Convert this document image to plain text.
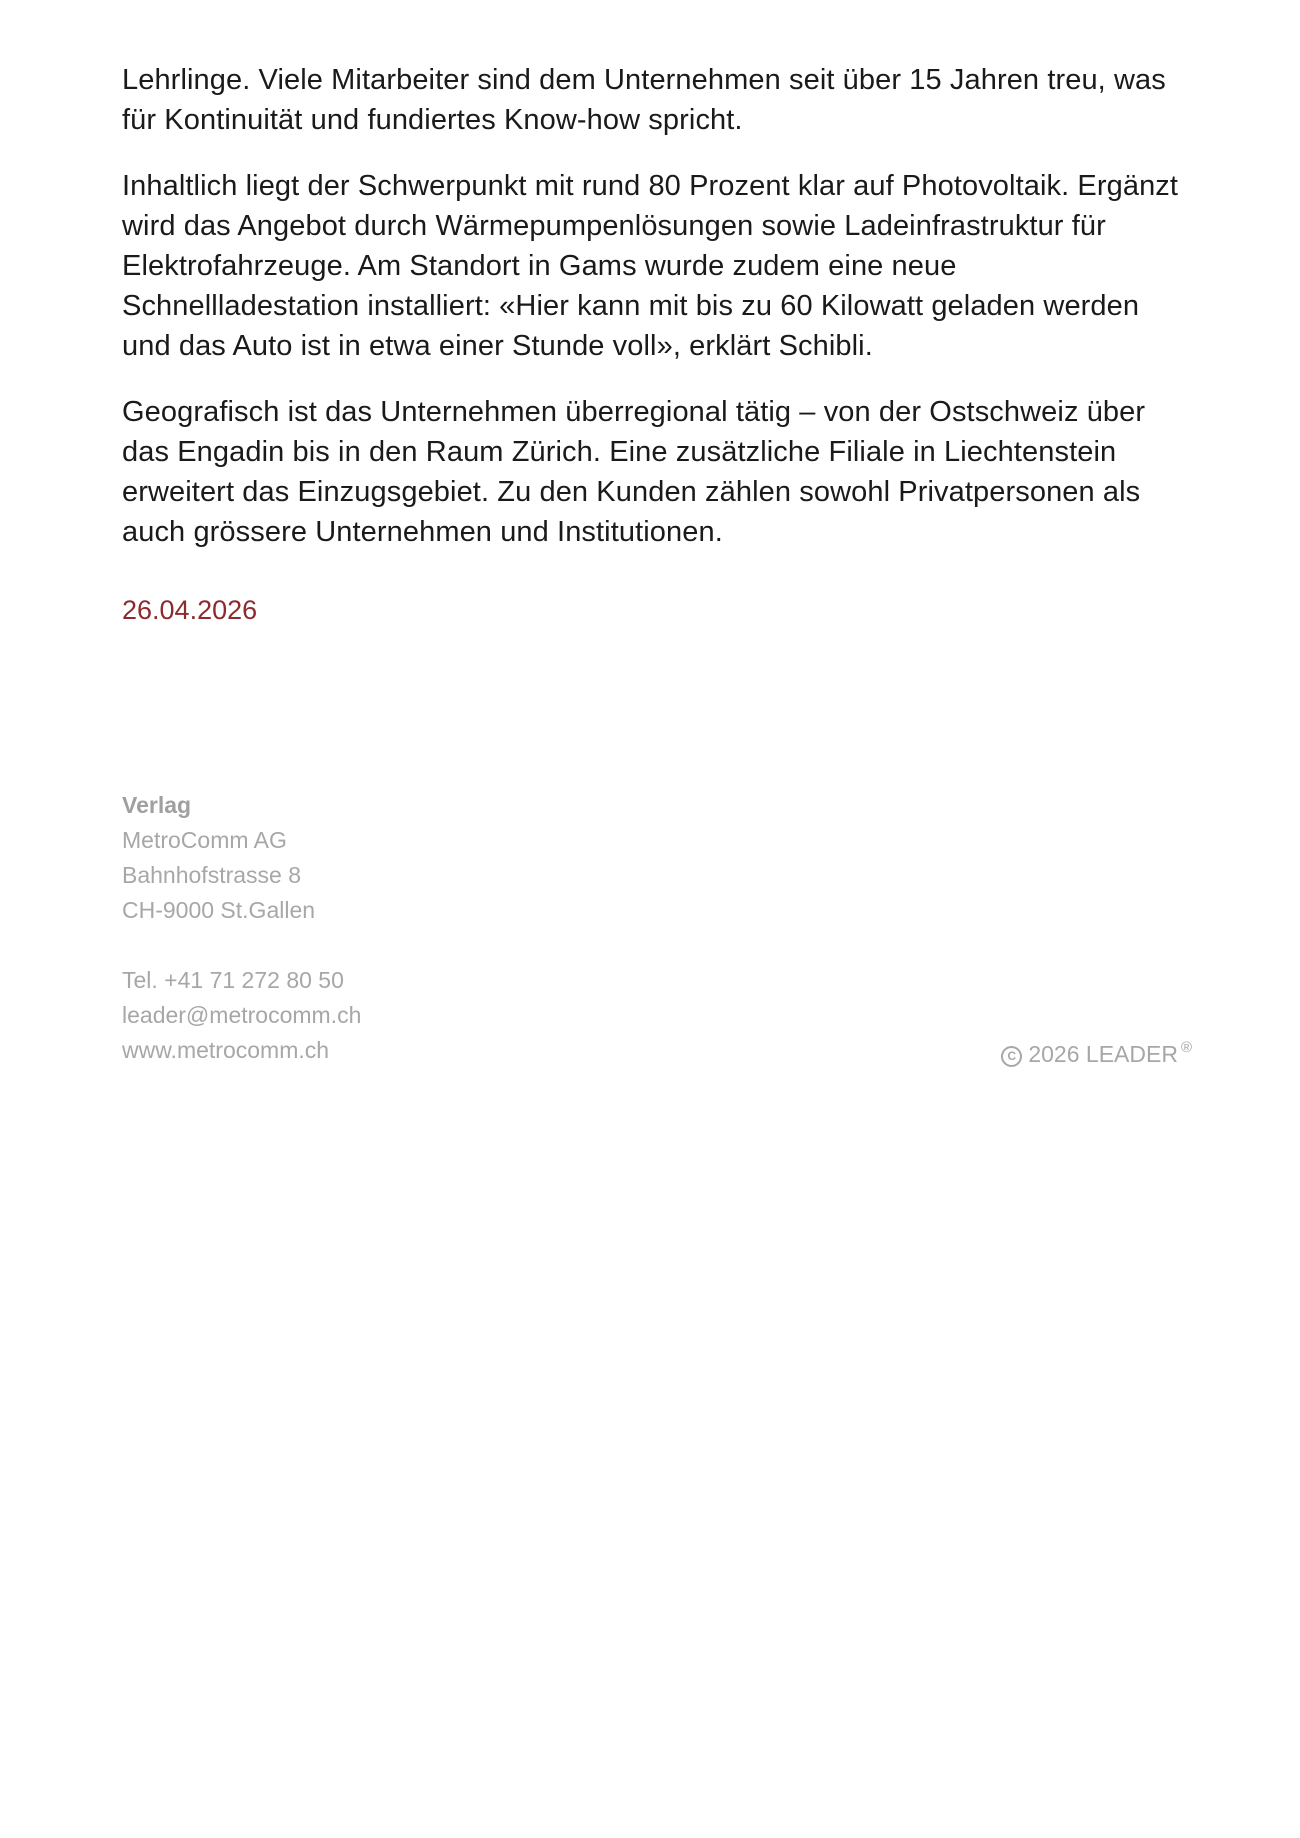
Lehrlinge. Viele Mitarbeiter sind dem Unternehmen seit über 15 Jahren treu, was für Kontinuität und fundiertes Know-how spricht.

Inhaltlich liegt der Schwerpunkt mit rund 80 Prozent klar auf Photovoltaik. Ergänzt wird das Angebot durch Wärmepumpenlösungen sowie Ladeinfrastruktur für Elektrofahrzeuge. Am Standort in Gams wurde zudem eine neue Schnellladestation installiert: «Hier kann mit bis zu 60 Kilowatt geladen werden und das Auto ist in etwa einer Stunde voll», erklärt Schibli.

Geografisch ist das Unternehmen überregional tätig – von der Ostschweiz über das Engadin bis in den Raum Zürich. Eine zusätzliche Filiale in Liechtenstein erweitert das Einzugsgebiet. Zu den Kunden zählen sowohl Privatpersonen als auch grössere Unternehmen und Institutionen.

26.04.2026
Verlag
MetroComm AG
Bahnhofstrasse 8
CH-9000 St.Gallen
Tel. +41 71 272 80 50
leader@metrocomm.ch
www.metrocomm.ch	C 2026 LEADER ®
